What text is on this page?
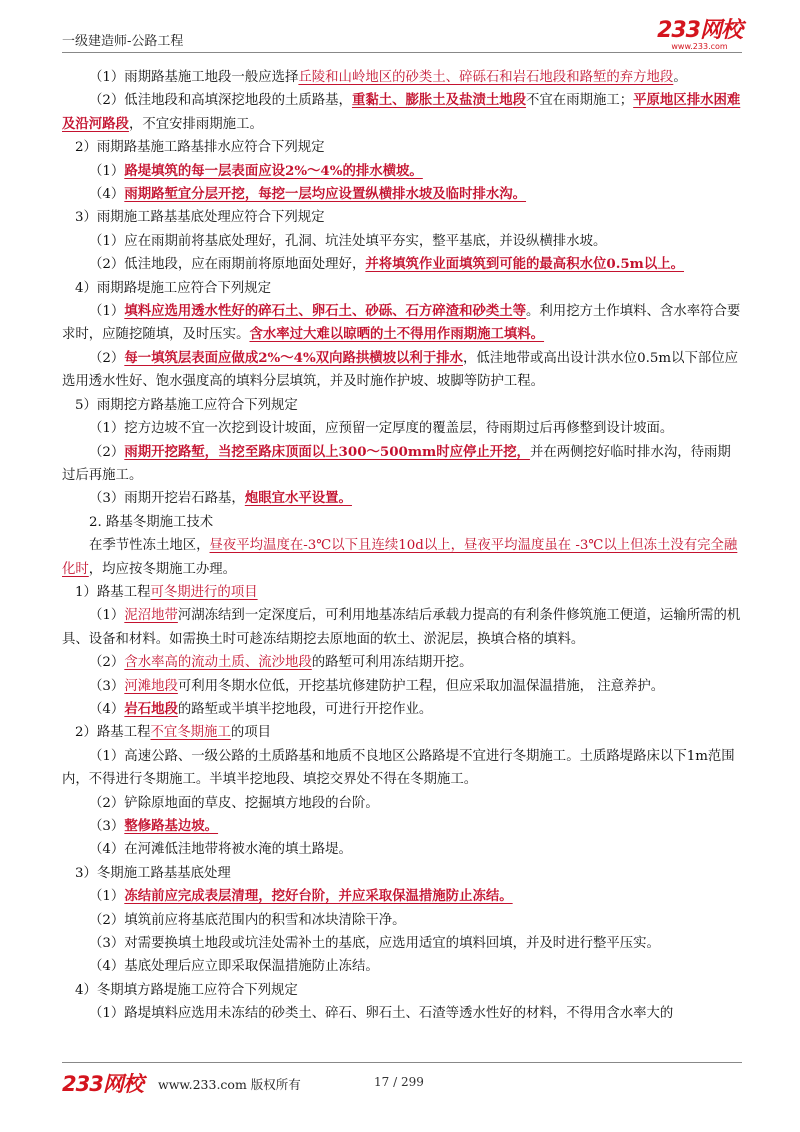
一级建造师-公路工程	233网校
www.233.com

（1）雨期路基施工地段一般应选择丘陵和山岭地区的砂类土、碎砾石和岩石地段和路堑的弃方地段。

（2）低洼地段和高填深挖地段的土质路基，重黏土、膨胀土及盐渍土地段不宜在雨期施工；平原地区排水困难及沿河路段，不宜安排雨期施工。

2）雨期路基施工路基排水应符合下列规定

（1）路堤填筑的每一层表面应设2%～4%的排水横坡。

（4）雨期路堑宜分层开挖，每挖一层均应设置纵横排水坡及临时排水沟。

3）雨期施工路基基底处理应符合下列规定

（1）应在雨期前将基底处理好，孔洞、坑洼处填平夯实，整平基底，并设纵横排水坡。

（2）低洼地段，应在雨期前将原地面处理好，并将填筑作业面填筑到可能的最高积水位0.5m以上。

4）雨期路堤施工应符合下列规定

（1）填料应选用透水性好的碎石土、卵石土、砂砾、石方碎渣和砂类土等。利用挖方土作填料、含水率符合要求时，应随挖随填，及时压实。含水率过大难以晾晒的土不得用作雨期施工填料。

（2）每一填筑层表面应做成2%～4%双向路拱横坡以利于排水，低洼地带或高出设计洪水位0.5m以下部位应选用透水性好、饱水强度高的填料分层填筑，并及时施作护坡、坡脚等防护工程。

5）雨期挖方路基施工应符合下列规定

（1）挖方边坡不宜一次挖到设计坡面，应预留一定厚度的覆盖层，待雨期过后再修整到设计坡面。

（2）雨期开挖路堑，当挖至路床顶面以上300～500mm时应停止开挖，并在两侧挖好临时排水沟，待雨期过后再施工。

（3）雨期开挖岩石路基，炮眼宜水平设置。

2. 路基冬期施工技术

在季节性冻土地区，昼夜平均温度在-3℃以下且连续10d以上，昼夜平均温度虽在 -3℃以上但冻土没有完全融化时，均应按冬期施工办理。

1）路基工程可冬期进行的项目

（1）泥沼地带河湖冻结到一定深度后，可利用地基冻结后承载力提高的有利条件修筑施工便道，运输所需的机具、设备和材料。如需换土时可趁冻结期挖去原地面的软土、淤泥层，换填合格的填料。

（2）含水率高的流动土质、流沙地段的路堑可利用冻结期开挖。

（3）河滩地段可利用冬期水位低，开挖基坑修建防护工程，但应采取加温保温措施， 注意养护。

（4）岩石地段的路堑或半填半挖地段，可进行开挖作业。

2）路基工程不宜冬期施工的项目

（1）高速公路、一级公路的土质路基和地质不良地区公路路堤不宜进行冬期施工。土质路堤路床以下1m范围内，不得进行冬期施工。半填半挖地段、填挖交界处不得在冬期施工。

（2）铲除原地面的草皮、挖掘填方地段的台阶。

（3）整修路基边坡。

（4）在河滩低洼地带将被水淹的填土路堤。

3）冬期施工路基基底处理

（1）冻结前应完成表层清理，挖好台阶，并应采取保温措施防止冻结。

（2）填筑前应将基底范围内的积雪和冰块清除干净。

（3）对需要换填土地段或坑洼处需补土的基底，应选用适宜的填料回填，并及时进行整平压实。

（4）基底处理后应立即采取保温措施防止冻结。

4）冬期填方路堤施工应符合下列规定

（1）路堤填料应选用未冻结的砂类土、碎石、卵石土、石渣等透水性好的材料，不得用含水率大的

233网校 www.233.com 版权所有	17 / 299
